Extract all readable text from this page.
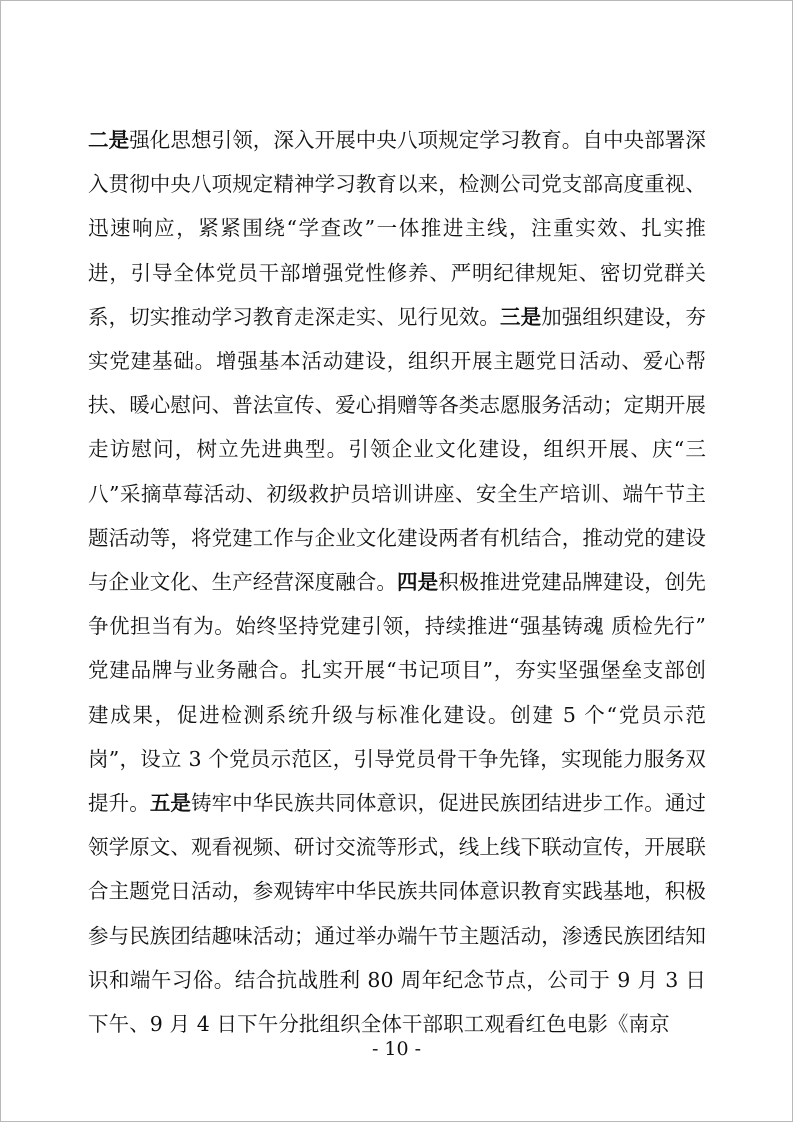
二是强化思想引领，深入开展中央八项规定学习教育。自中央部署深入贯彻中央八项规定精神学习教育以来，检测公司党支部高度重视、迅速响应，紧紧围绕“学查改”一体推进主线，注重实效、扎实推进，引导全体党员干部增强党性修养、严明纪律规矩、密切党群关系，切实推动学习教育走深走实、见行见效。三是加强组织建设，夯实党建基础。增强基本活动建设，组织开展主题党日活动、爱心帮扶、暖心慰问、普法宣传、爱心捐赠等各类志愿服务活动；定期开展走访慰问，树立先进典型。引领企业文化建设，组织开展、庆“三八”采摘草莓活动、初级救护员培训讲座、安全生产培训、端午节主题活动等，将党建工作与企业文化建设两者有机结合，推动党的建设与企业文化、生产经营深度融合。四是积极推进党建品牌建设，创先争优担当有为。始终坚持党建引领，持续推进“强基铸魂 质检先行”党建品牌与业务融合。扎实开展“书记项目”，夯实坚强堡垒支部创建成果，促进检测系统升级与标准化建设。创建 5 个“党员示范岗”，设立 3 个党员示范区，引导党员骨干争先锋，实现能力服务双提升。五是铸牢中华民族共同体意识，促进民族团结进步工作。通过领学原文、观看视频、研讨交流等形式，线上线下联动宣传，开展联合主题党日活动，参观铸牢中华民族共同体意识教育实践基地，积极参与民族团结趣味活动；通过举办端午节主题活动，渗透民族团结知识和端午习俗。结合抗战胜利 80 周年纪念节点，公司于 9 月 3 日下午、9 月 4 日下午分批组织全体干部职工观看红色电影《南京
- 10 -
